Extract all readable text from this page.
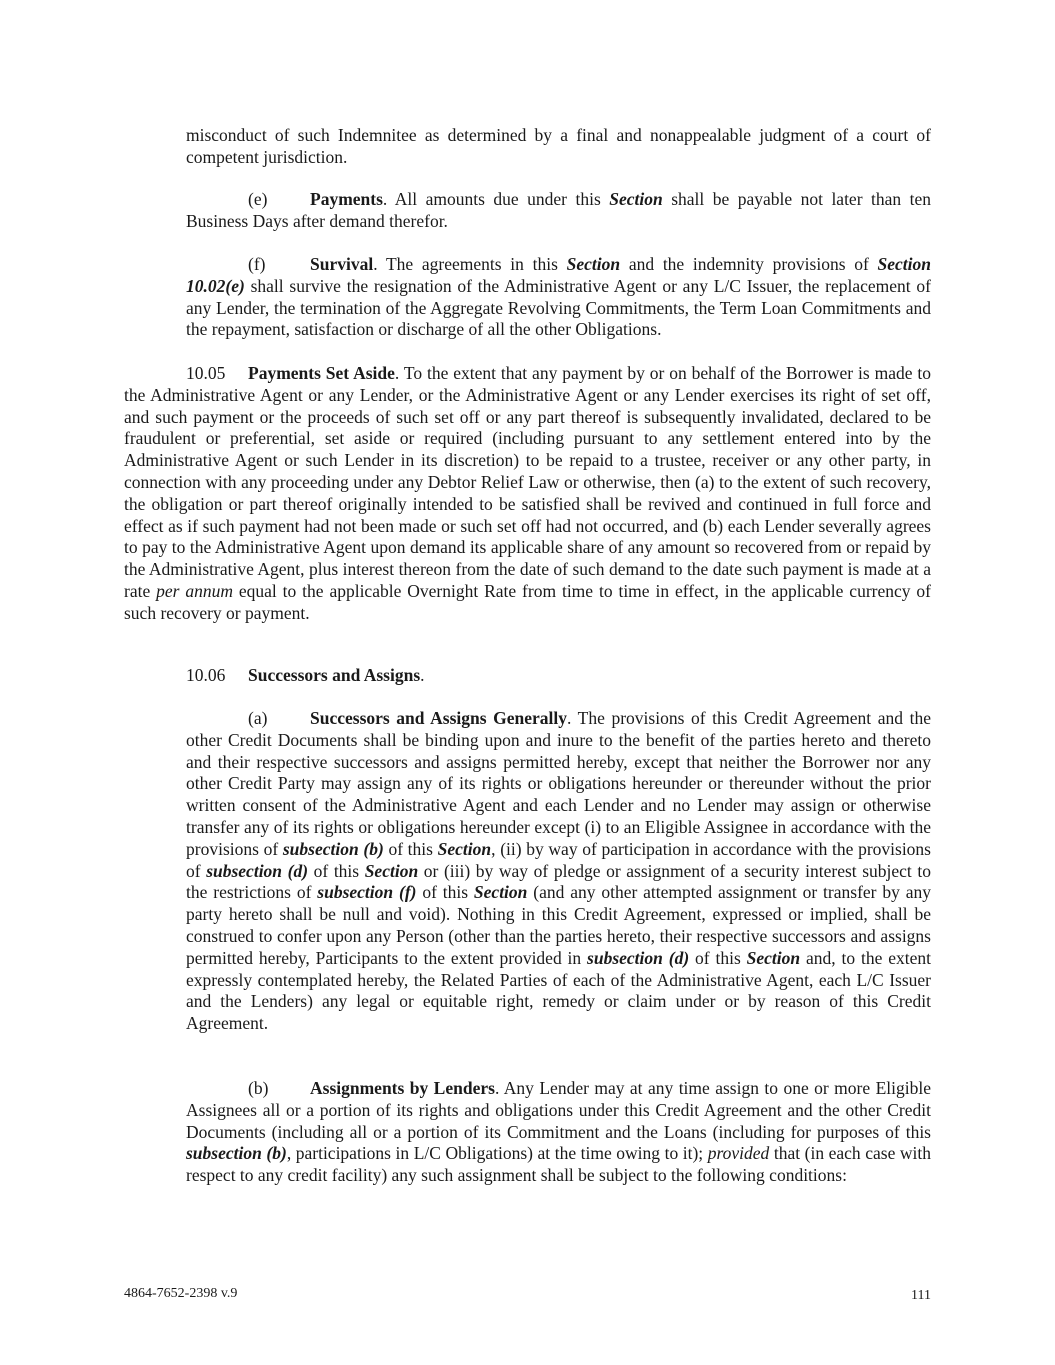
misconduct of such Indemnitee as determined by a final and nonappealable judgment of a court of competent jurisdiction.

(e) Payments. All amounts due under this Section shall be payable not later than ten Business Days after demand therefor.

(f)	Survival. The agreements in this Section and the indemnity provisions of Section 10.02(e) shall survive the resignation of the Administrative Agent or any L/C Issuer, the replacement of any Lender, the termination of the Aggregate Revolving Commitments, the Term Loan Commitments and the repayment, satisfaction or discharge of all the other Obligations.

10.05 Payments Set Aside. To the extent that any payment by or on behalf of the Borrower is made to the Administrative Agent or any Lender, or the Administrative Agent or any Lender exercises its right of set off, and such payment or the proceeds of such set off or any part thereof is subsequently invalidated, declared to be fraudulent or preferential, set aside or required (including pursuant to any settlement entered into by the Administrative Agent or such Lender in its discretion) to be repaid to a trustee, receiver or any other party, in connection with any proceeding under any Debtor Relief Law or otherwise, then (a) to the extent of such recovery, the obligation or part thereof originally intended to be satisfied shall be revived and continued in full force and effect as if such payment had not been made or such set off had not occurred, and (b) each Lender severally agrees to pay to the Administrative Agent upon demand its applicable share of any amount so recovered from or repaid by the Administrative Agent, plus interest thereon from the date of such demand to the date such payment is made at a rate per annum equal to the applicable Overnight Rate from time to time in effect, in the applicable currency of such recovery or payment.

10.06 Successors and Assigns.

(a) Successors and Assigns Generally. The provisions of this Credit Agreement and the other Credit Documents shall be binding upon and inure to the benefit of the parties hereto and thereto and their respective successors and assigns permitted hereby, except that neither the Borrower nor any other Credit Party may assign any of its rights or obligations hereunder or thereunder without the prior written consent of the Administrative Agent and each Lender and no Lender may assign or otherwise transfer any of its rights or obligations hereunder except (i) to an Eligible Assignee in accordance with the provisions of subsection (b) of this Section, (ii) by way of participation in accordance with the provisions of subsection (d) of this Section or (iii) by way of pledge or assignment of a security interest subject to the restrictions of subsection (f) of this Section (and any other attempted assignment or transfer by any party hereto shall be null and void). Nothing in this Credit Agreement, expressed or implied, shall be construed to confer upon any Person (other than the parties hereto, their respective successors and assigns permitted hereby, Participants to the extent provided in subsection (d) of this Section and, to the extent expressly contemplated hereby, the Related Parties of each of the Administrative Agent, each L/C Issuer and the Lenders) any legal or equitable right, remedy or claim under or by reason of this Credit Agreement.

(b) Assignments by Lenders. Any Lender may at any time assign to one or more Eligible Assignees all or a portion of its rights and obligations under this Credit Agreement and the other Credit Documents (including all or a portion of its Commitment and the Loans (including for purposes of this subsection (b), participations in L/C Obligations) at the time owing to it); provided that (in each case with respect to any credit facility) any such assignment shall be subject to the following conditions:

4864-7652-2398 v.9	111
